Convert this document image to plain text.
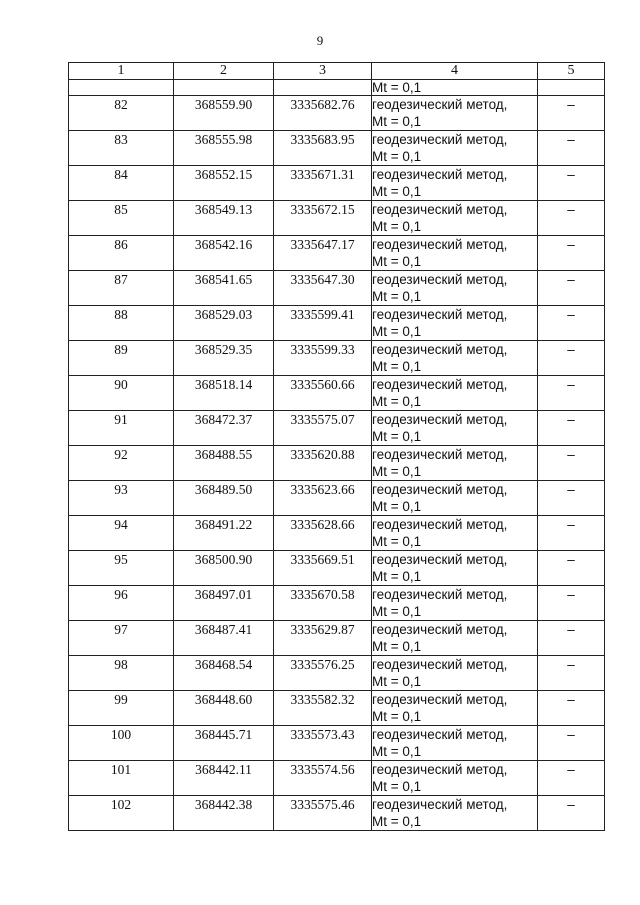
9
1	2	3	4	5
			Mt = 0,1	
82	368559.90	3335682.76	геодезический метод,
Mt = 0,1	–
83	368555.98	3335683.95	геодезический метод,
Mt = 0,1	–
84	368552.15	3335671.31	геодезический метод,
Mt = 0,1	–
85	368549.13	3335672.15	геодезический метод,
Mt = 0,1	–
86	368542.16	3335647.17	геодезический метод,
Mt = 0,1	–
87	368541.65	3335647.30	геодезический метод,
Mt = 0,1	–
88	368529.03	3335599.41	геодезический метод,
Mt = 0,1	–
89	368529.35	3335599.33	геодезический метод,
Mt = 0,1	–
90	368518.14	3335560.66	геодезический метод,
Mt = 0,1	–
91	368472.37	3335575.07	геодезический метод,
Mt = 0,1	–
92	368488.55	3335620.88	геодезический метод,
Mt = 0,1	–
93	368489.50	3335623.66	геодезический метод,
Mt = 0,1	–
94	368491.22	3335628.66	геодезический метод,
Mt = 0,1	–
95	368500.90	3335669.51	геодезический метод,
Mt = 0,1	–
96	368497.01	3335670.58	геодезический метод,
Mt = 0,1	–
97	368487.41	3335629.87	геодезический метод,
Mt = 0,1	–
98	368468.54	3335576.25	геодезический метод,
Mt = 0,1	–
99	368448.60	3335582.32	геодезический метод,
Mt = 0,1	–
100	368445.71	3335573.43	геодезический метод,
Mt = 0,1	–
101	368442.11	3335574.56	геодезический метод,
Mt = 0,1	–
102	368442.38	3335575.46	геодезический метод,
Mt = 0,1	–
